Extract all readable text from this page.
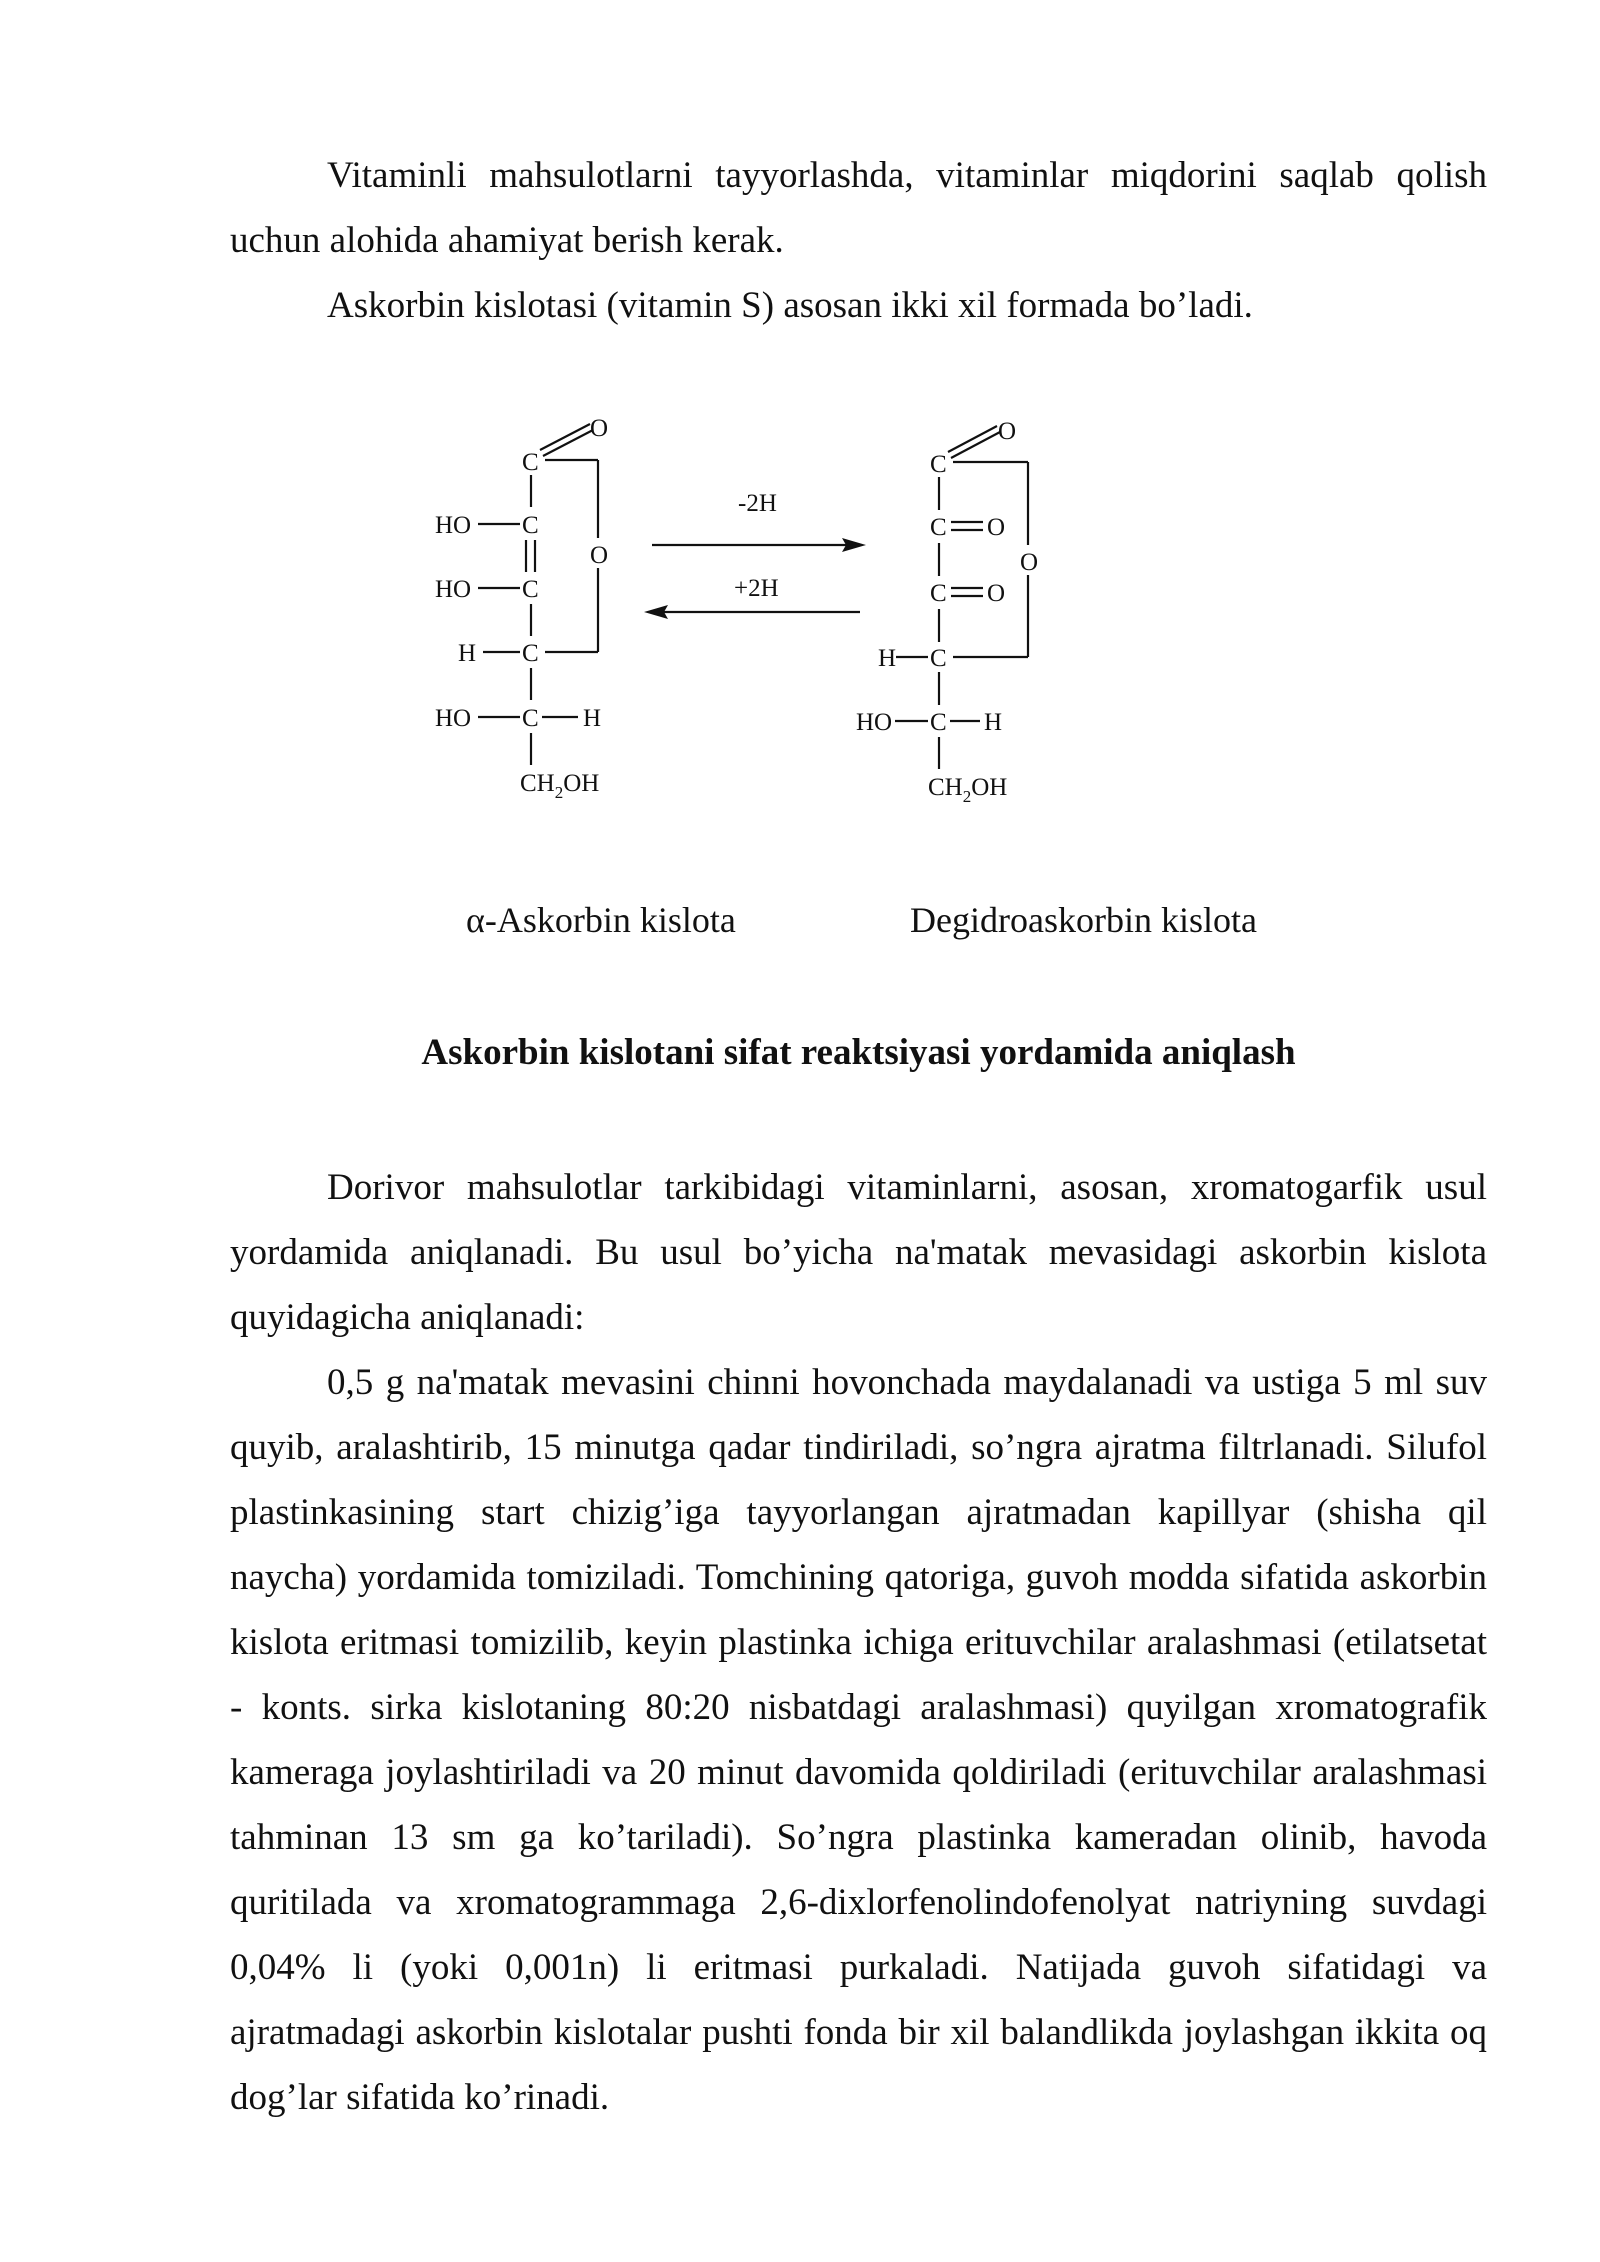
Vitaminli mahsulotlarni tayyorlashda, vitaminlar miqdorini saqlab qolish uchun alohida ahamiyat berish kerak.

Askorbin kislotasi (vitamin S) asosan ikki xil formada bo’ladi.

O
C
HO C
HO C
O
H C
HO C H
$CH_2OH$
-2H
+2H
O
C
C O
O
C O
H C
HO C H
$CH_2OH$
α-Askorbin kislota	Degidroaskorbin kislota
Askorbin kislotani sifat reaktsiyasi yordamida aniqlash

Dorivor mahsulotlar tarkibidagi vitaminlarni, asosan, xromatogarfik usul yordamida aniqlanadi. Bu usul bo’yicha na'matak mevasidagi askorbin kislota quyidagicha aniqlanadi:

0,5 g na'matak mevasini chinni hovonchada maydalanadi va ustiga 5 ml suv quyib, aralashtirib, 15 minutga qadar tindiriladi, so’ngra ajratma filtrlanadi. Silufol plastinkasining start chizig’iga tayyorlangan ajratmadan kapillyar (shisha qil naycha) yordamida tomiziladi. Tomchining qatoriga, guvoh modda sifatida askorbin kislota eritmasi tomizilib, keyin plastinka ichiga erituvchilar aralashmasi (etilatsetat - konts. sirka kislotaning 80:20 nisbatdagi aralashmasi) quyilgan xromatografik kameraga joylashtiriladi va 20 minut davomida qoldiriladi (erituvchilar aralashmasi tahminan 13 sm ga ko’tariladi). So’ngra plastinka kameradan olinib, havoda quritilada va xromatogrammaga 2,6-dixlorfenolindofenolyat natriyning suvdagi 0,04% li (yoki 0,001n) li eritmasi purkaladi. Natijada guvoh sifatidagi va ajratmadagi askorbin kislotalar pushti fonda bir xil balandlikda joylashgan ikkita oq dog’lar sifatida ko’rinadi.
